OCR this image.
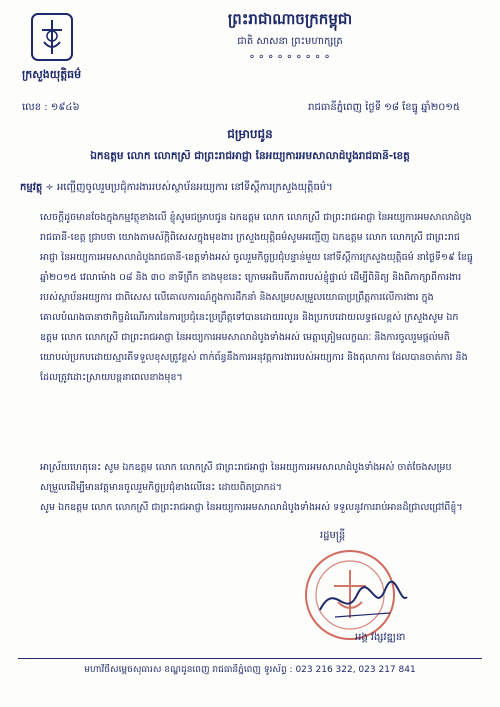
ព្រះរាជាណាចក្រកម្ពុជា
ជាតិ សាសនា ព្រះមហាក្សត្រ
⚬⚬⚬⚬⚬⚬⚬⚬⚬
ក្រសួងយុត្តិធម៌
លេខ : ១៩៤៦	រាជធានីភ្នំពេញ ថ្ងៃទី ១៨ ខែធ្នូ ឆ្នាំ២០១៥
ជម្រាបជូន
ឯកឧត្តម លោក លោកស្រី ជាព្រះរាជអាជ្ញា នៃអយ្យការអមសាលាដំបូងរាជធានី-ខេត្ត
កម្មវត្ថុ ÷ អញ្ជើញចូលរួមប្រជុំការងាររបស់ស្ថាប័នអយ្យការ នៅទីស្តីការក្រសួងយុត្តិធម៌។
សេចក្តីដូចមានចែងក្នុងកម្មវត្ថុខាងលើ ខ្ញុំសូមជម្រាបជូន ឯកឧត្តម លោក លោកស្រី ជាព្រះរាជអាជ្ញា នៃអយ្យការអមសាលាដំបូងរាជធានី-ខេត្ត ជ្រាបថា យោងតាមស័ក្តិពិសេសក្នុងមុខងារ ក្រសួងយុត្តិធម៌សូមអញ្ជើញ ឯកឧត្តម លោក លោកស្រី ជាព្រះរាជអាជ្ញា នៃអយ្យការអមសាលាដំបូងរាជធានី-ខេត្តទាំងអស់ ចូលរួមកិច្ចប្រជុំបន្ទាន់មួយ នៅទីស្តីការក្រសួងយុត្តិធម៌ នាថ្ងៃទី១៩ ខែធ្នូ ឆ្នាំ២០១៥ វេលាម៉ោង ០៨ និង ៣០ នាទីព្រឹក ខាងមុខនេះ ក្រោមអធិបតីភាពរបស់ខ្ញុំផ្ទាល់ ដើម្បីពិនិត្យ និងពិភាក្សាពីការងាររបស់ស្ថាប័នអយ្យការ ជាពិសេស លើគោលការណ៍ក្នុងការដឹកនាំ និងសម្របសម្រួលយោធាប្រព្រឹត្តការលើការងារ ក្នុងគោលបំណងធានាថាកិច្ចដំណើរការនៃការប្រជុំនេះប្រព្រឹត្តទៅបានដោយរលូន និងប្រកបដោយលទ្ធផលខ្ពស់ ក្រសួងសូម ឯកឧត្តម លោក លោកស្រី ជាព្រះរាជអាជ្ញា នៃអយ្យការអមសាលាដំបូងទាំងអស់ មេត្តាត្រៀមលក្ខណៈ និងការចូលរួមផ្តល់មតិយោបល់ប្រកបដោយស្មារតីទទួលខុសត្រូវខ្ពស់ ពាក់ព័ន្ធនឹងការអនុវត្តការងាររបស់អយ្យការ និងតុលាការ ដែលបានចាត់ការ និងដែលត្រូវដោះស្រាយបន្តនាពេលខាងមុខ។
អាស្រ័យហេតុនេះ សូម ឯកឧត្តម លោក លោកស្រី ជាព្រះរាជអាជ្ញា នៃអយ្យការអមសាលាដំបូងទាំងអស់ ចាត់ចែងសម្របសម្រួលដើម្បីមានវត្តមានចូលរួមកិច្ចប្រជុំខាងលើនេះ ដោយពិតប្រាកដ។
សូម ឯកឧត្តម លោក លោកស្រី ជាព្រះរាជអាជ្ញា នៃអយ្យការអមសាលាដំបូងទាំងអស់ ទទួលនូវការរាប់អានដ៏ជ្រាលជ្រៅពីខ្ញុំ។
រដ្ឋមន្ត្រី
អង្គ វង្សវឌ្ឍនា
មហាវិថីសម្តេចសុធារស ខណ្ឌដូនពេញ រាជធានីភ្នំពេញ ទូរស័ព្ទ : 023 216 322, 023 217 841
